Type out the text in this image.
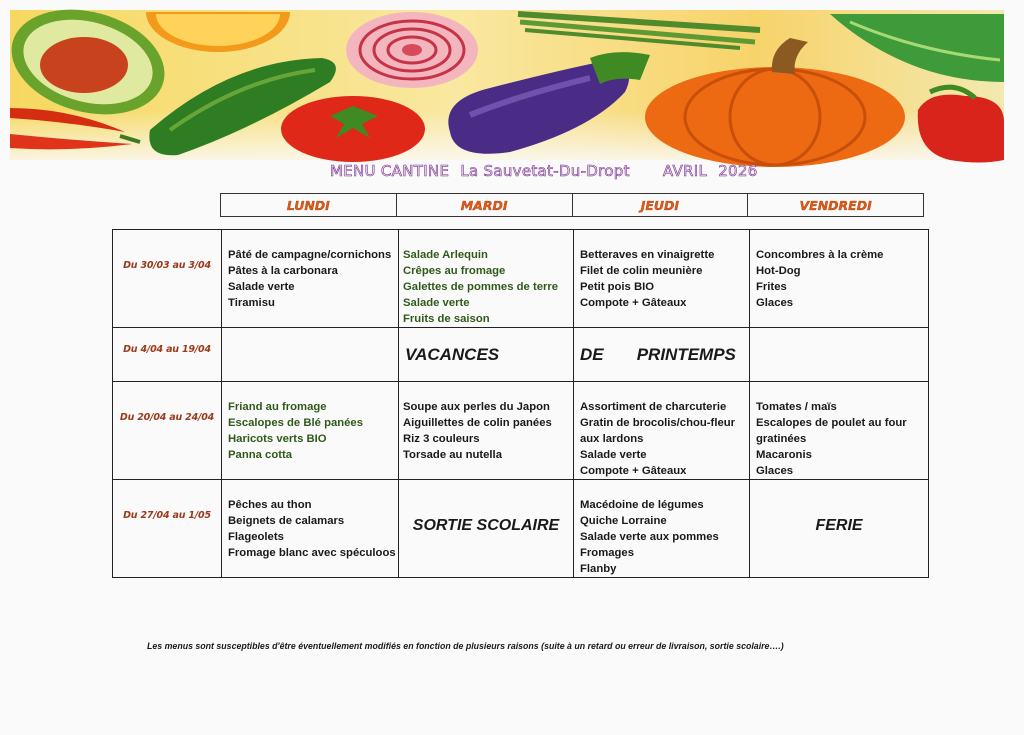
MENU CANTINE La Sauvetat-Du-Dropt AVRIL 2026
LUNDI	MARDI	JEUDI	VENDREDI
Du 30/03 au 3/04	Pâté de campagne/cornichons
Pâtes à la carbonara
Salade verte
Tiramisu	Salade Arlequin
Crêpes au fromage
Galettes de pommes de terre
Salade verte
Fruits de saison	Betteraves en vinaigrette
Filet de colin meunière
Petit pois BIO
Compote + Gâteaux	Concombres à la crème
Hot-Dog
Frites
Glaces

Du 4/04 au 19/04		VACANCES	DE PRINTEMPS	
Du 20/04 au 24/04	Friand au fromage
Escalopes de Blé panées
Haricots verts BIO
Panna cotta	Soupe aux perles du Japon
Aiguillettes de colin panées
Riz 3 couleurs
Torsade au nutella	Assortiment de charcuterie
Gratin de brocolis/chou-fleur
aux lardons
Salade verte
Compote + Gâteaux	Tomates / maïs
Escalopes de poulet au four
gratinées
Macaronis
Glaces

Du 27/04 au 1/05	Pêches au thon
Beignets de calamars
Flageolets
Fromage blanc avec spéculoos	SORTIE SCOLAIRE	Macédoine de légumes
Quiche Lorraine
Salade verte aux pommes
Fromages
Flanby	FERIE
Les menus sont susceptibles d'être éventuellement modifiés en fonction de plusieurs raisons (suite à un retard ou erreur de livraison, sortie scolaire….)
